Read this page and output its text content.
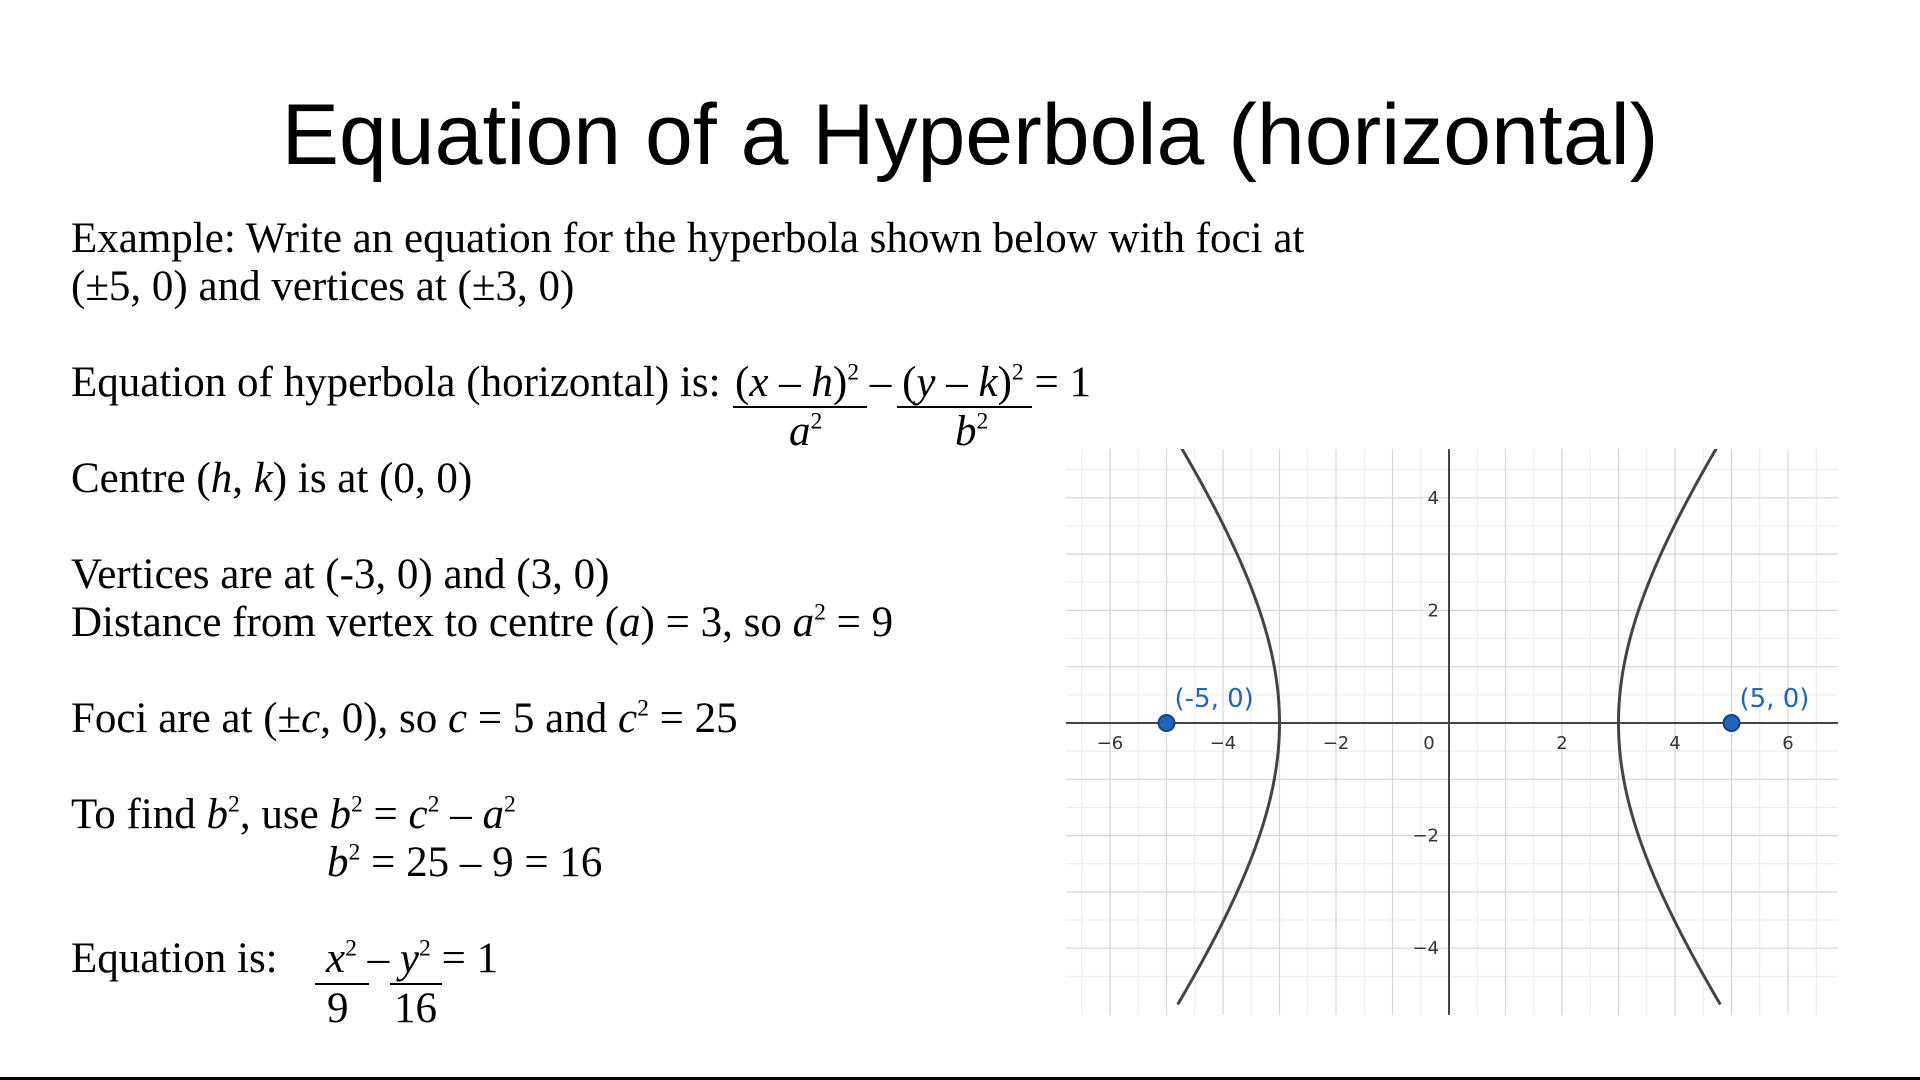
Equation of a Hyperbola (horizontal)
Example: Write an equation for the hyperbola shown below with foci at
(±5, 0) and vertices at (±3, 0)
Equation of hyperbola (horizontal) is: (x – h)$^2$ – (y – k)$^2$ = 1
$a^2$	$b^2$
Centre (h, k) is at (0, 0)
Vertices are at (-3, 0) and (3, 0)
Distance from vertex to centre (a) = 3, so $a^2 = 9$
Foci are at (±c, 0), so c = 5 and $c^2 = 25$
To find $b^2$, use $b^2 = c^2 - a^2$
$b^2 = 25 - 9 = 16$
Equation is: $x^2 - y^2 = 1$
9 16
−6	−4	−2	0	2	4	6
4
2
−2
−4
(-5, 0)	(5, 0)
